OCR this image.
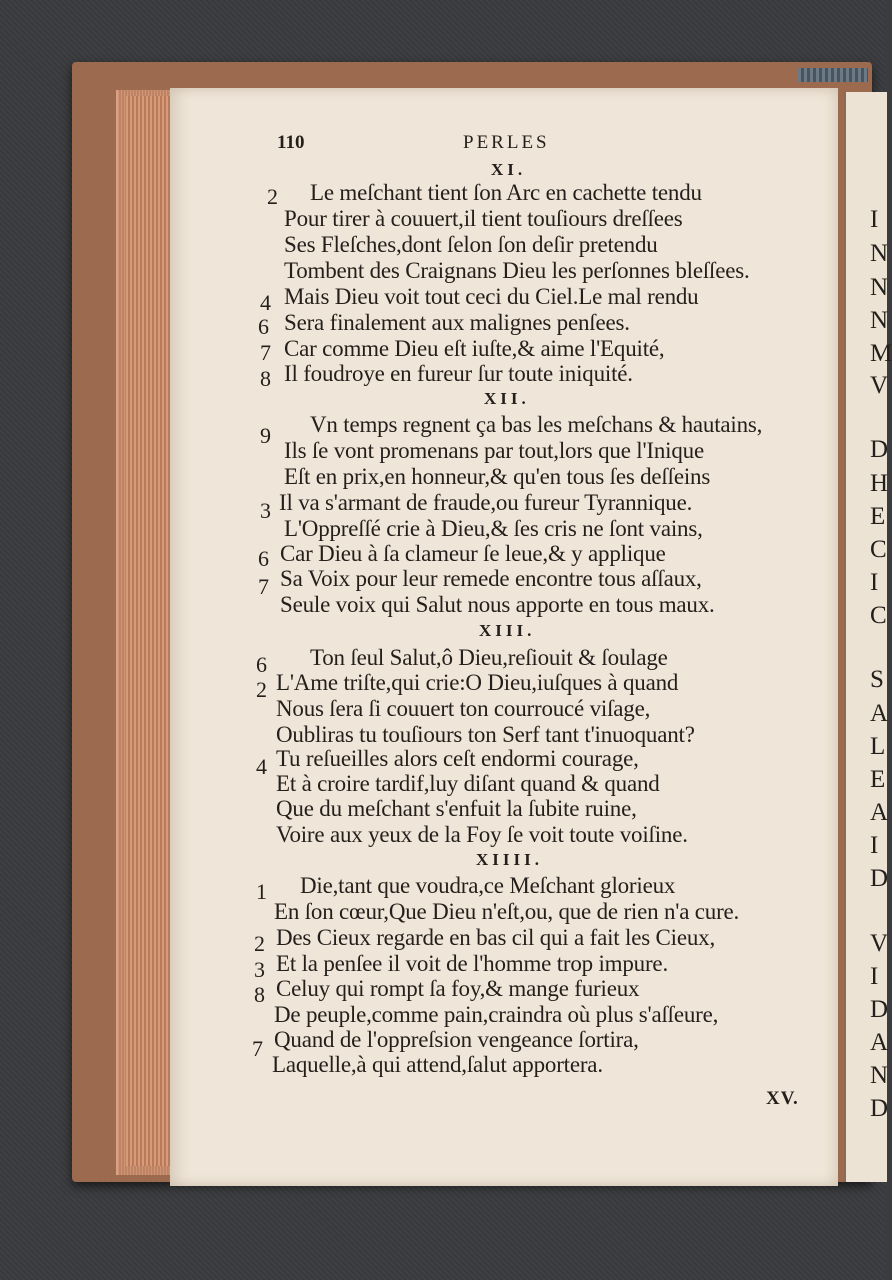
I
N
N
N
M
V
D
H
E
C
I
C
S
A
L
E
A
I
D
V
I
D
A
N
D
110	PERLES
XI.
2 Le meſchant tient ſon Arc en cachette tendu
Pour tirer à couuert,il tient touſiours dreſſees
Ses Fleſches,dont ſelon ſon deſir pretendu
Tombent des Craignans Dieu les perſonnes bleſſees.
4 Mais Dieu voit tout ceci du Ciel.Le mal rendu
6 Sera finalement aux malignes penſees.
7 Car comme Dieu eſt iuſte,& aime l'Equité,
8 Il foudroye en fureur ſur toute iniquité.
XII.
9 Vn temps regnent ça bas les meſchans & hautains,
Ils ſe vont promenans par tout,lors que l'Inique
Eſt en prix,en honneur,& qu'en tous ſes deſſeins
3 Il va s'armant de fraude,ou fureur Tyrannique.
L'Oppreſſé crie à Dieu,& ſes cris ne ſont vains,
6 Car Dieu à ſa clameur ſe leue,& y applique
7 Sa Voix pour leur remede encontre tous aſſaux,
Seule voix qui Salut nous apporte en tous maux.
XIII.
6 Ton ſeul Salut,ô Dieu,reſiouit & ſoulage
2 L'Ame triſte,qui crie:O Dieu,iuſques à quand
Nous ſera ſi couuert ton courroucé viſage,
Oubliras tu touſiours ton Serf tant t'inuoquant?
4 Tu reſueilles alors ceſt endormi courage,
Et à croire tardif,luy diſant quand & quand
Que du meſchant s'enfuit la ſubite ruine,
Voire aux yeux de la Foy ſe voit toute voiſine.
XIIII.
1 Die,tant que voudra,ce Meſchant glorieux
En ſon cœur,Que Dieu n'eſt,ou, que de rien n'a cure.
2 Des Cieux regarde en bas cil qui a fait les Cieux,
3 Et la penſee il voit de l'homme trop impure.
8 Celuy qui rompt ſa foy,& mange furieux
De peuple,comme pain,craindra où plus s'aſſeure,
7 Quand de l'oppreſsion vengeance ſortira,
Laquelle,à qui attend,ſalut apportera.
XV.
